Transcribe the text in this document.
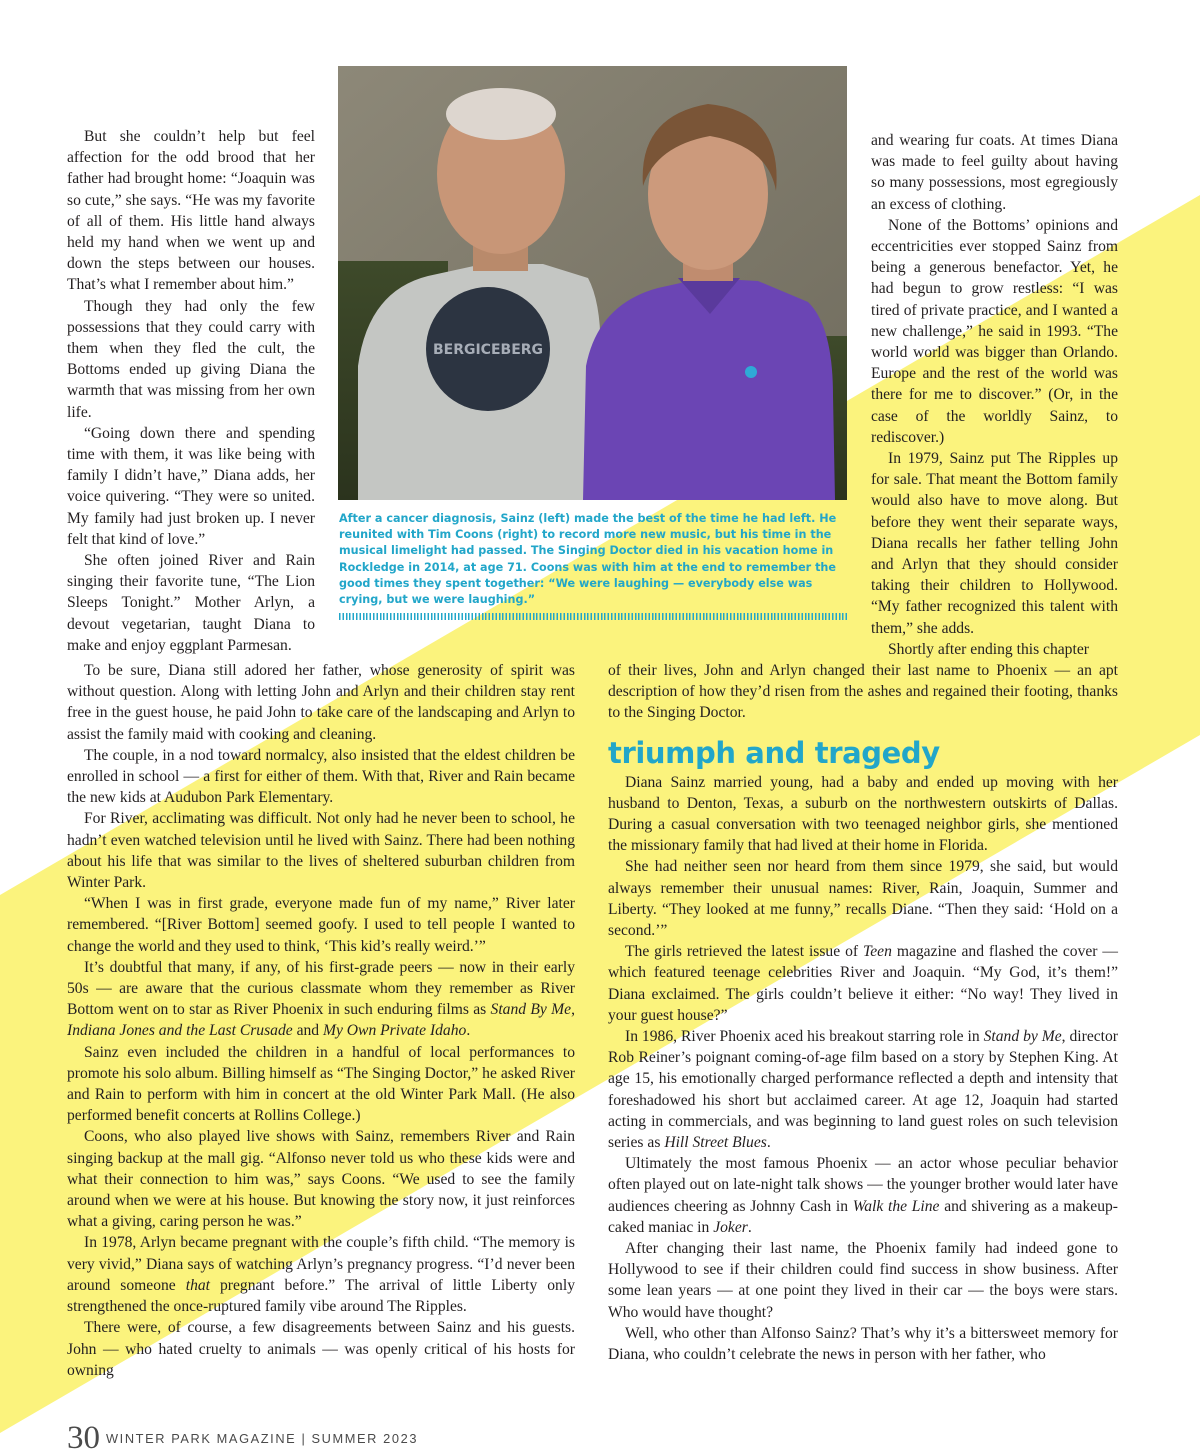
BERGICEBERG

After a cancer diagnosis, Sainz (left) made the best of the time he had left. He reunited with Tim Coons (right) to record more new music, but his time in the musical limelight had passed. The Singing Doctor died in his vacation home in Rockledge in 2014, at age 71. Coons was with him at the end to remember the good times they spent together: “We were laughing — everybody else was crying, but we were laughing.”

But she couldn’t help but feel affection for the odd brood that her father had brought home: “Joaquin was so cute,” she says. “He was my favorite of all of them. His little hand always held my hand when we went up and down the steps between our houses. That’s what I remember about him.”

Though they had only the few possessions that they could carry with them when they fled the cult, the Bottoms ended up giving Diana the warmth that was missing from her own life.

“Going down there and spending time with them, it was like being with family I didn’t have,” Diana adds, her voice quivering. “They were so united. My family had just broken up. I never felt that kind of love.”

She often joined River and Rain singing their favorite tune, “The Lion Sleeps Tonight.” Mother Arlyn, a devout vegetarian, taught Diana to make and enjoy eggplant Parmesan.

and wearing fur coats. At times Diana was made to feel guilty about having so many possessions, most egregiously an excess of clothing.

None of the Bottoms’ opinions and eccentricities ever stopped Sainz from being a generous benefactor. Yet, he had begun to grow restless: “I was tired of private practice, and I wanted a new challenge,” he said in 1993. “The world world was bigger than Orlando. Europe and the rest of the world was there for me to discover.” (Or, in the case of the worldly Sainz, to rediscover.)

In 1979, Sainz put The Ripples up for sale. That meant the Bottom family would also have to move along. But before they went their separate ways, Diana recalls her father telling John and Arlyn that they should consider taking their children to Hollywood. “My father recognized this talent with them,” she adds.

Shortly after ending this chapter

To be sure, Diana still adored her father, whose generosity of spirit was without question. Along with letting John and Arlyn and their children stay rent free in the guest house, he paid John to take care of the landscaping and Arlyn to assist the family maid with cooking and cleaning.

The couple, in a nod toward normalcy, also insisted that the eldest children be enrolled in school — a first for either of them. With that, River and Rain became the new kids at Audubon Park Elementary.

For River, acclimating was difficult. Not only had he never been to school, he hadn’t even watched television until he lived with Sainz. There had been nothing about his life that was similar to the lives of sheltered suburban children from Winter Park.

“When I was in first grade, everyone made fun of my name,” River later remembered. “[River Bottom] seemed goofy. I used to tell people I wanted to change the world and they used to think, ‘This kid’s really weird.’”

It’s doubtful that many, if any, of his first-grade peers — now in their early 50s — are aware that the curious classmate whom they remember as River Bottom went on to star as River Phoenix in such enduring films as Stand By Me, Indiana Jones and the Last Crusade and My Own Private Idaho.

Sainz even included the children in a handful of local performances to promote his solo album. Billing himself as “The Singing Doctor,” he asked River and Rain to perform with him in concert at the old Winter Park Mall. (He also performed benefit concerts at Rollins College.)

Coons, who also played live shows with Sainz, remembers River and Rain singing backup at the mall gig. “Alfonso never told us who these kids were and what their connection to him was,” says Coons. “We used to see the family around when we were at his house. But knowing the story now, it just reinforces what a giving, caring person he was.”

In 1978, Arlyn became pregnant with the couple’s fifth child. “The memory is very vivid,” Diana says of watching Arlyn’s pregnancy progress. “I’d never been around someone that pregnant before.” The arrival of little Liberty only strengthened the once-ruptured family vibe around The Ripples.

There were, of course, a few disagreements between Sainz and his guests. John — who hated cruelty to animals — was openly critical of his hosts for owning

of their lives, John and Arlyn changed their last name to Phoenix — an apt description of how they’d risen from the ashes and regained their footing, thanks to the Singing Doctor.

triumph and tragedy

Diana Sainz married young, had a baby and ended up moving with her husband to Denton, Texas, a suburb on the northwestern outskirts of Dallas. During a casual conversation with two teenaged neighbor girls, she mentioned the missionary family that had lived at their home in Florida.

She had neither seen nor heard from them since 1979, she said, but would always remember their unusual names: River, Rain, Joaquin, Summer and Liberty. “They looked at me funny,” recalls Diane. “Then they said: ‘Hold on a second.’”

The girls retrieved the latest issue of Teen magazine and flashed the cover — which featured teenage celebrities River and Joaquin. “My God, it’s them!” Diana exclaimed. The girls couldn’t believe it either: “No way! They lived in your guest house?”

In 1986, River Phoenix aced his breakout starring role in Stand by Me, director Rob Reiner’s poignant coming-of-age film based on a story by Stephen King. At age 15, his emotionally charged performance reflected a depth and intensity that foreshadowed his short but acclaimed career. At age 12, Joaquin had started acting in commercials, and was beginning to land guest roles on such television series as Hill Street Blues.

Ultimately the most famous Phoenix — an actor whose peculiar behavior often played out on late-night talk shows — the younger brother would later have audiences cheering as Johnny Cash in Walk the Line and shivering as a makeup-caked maniac in Joker.

After changing their last name, the Phoenix family had indeed gone to Hollywood to see if their children could find success in show business. After some lean years — at one point they lived in their car — the boys were stars. Who would have thought?

Well, who other than Alfonso Sainz? That’s why it’s a bittersweet memory for Diana, who couldn’t celebrate the news in person with her father, who

30 WINTER PARK MAGAZINE | SUMMER 2023
